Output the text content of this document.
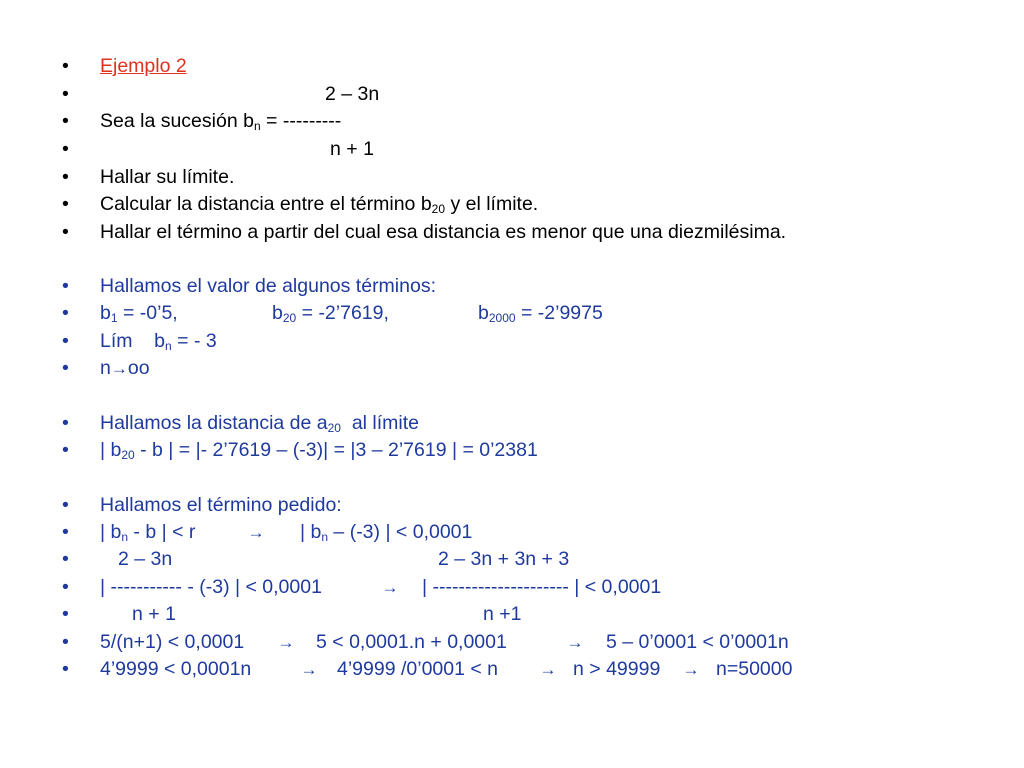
•	Ejemplo 2
•	2 – 3n
•	Sea la sucesión $b_n$ = ---------
•	n + 1
•	Hallar su límite.
•	Calcular la distancia entre el término $b_{20}$ y el límite.
•	Hallar el término a partir del cual esa distancia es menor que una diezmilésima.
•	Hallamos el valor de algunos términos:
•	$b_1$ = -0’5,	$b_{20}$ = -2’7619,	$b_{2000}$ = -2’9975
•	Lím    $b_n$ = - 3
•	n→oo
•	Hallamos la distancia de $a_{20}$  al límite
•	| $b_{20}$ - b | = |- 2’7619 – (-3)| = |3 – 2’7619 | = 0’2381
•	Hallamos el término pedido:
•	| $b_n$ - b | < r	→ | $b_n - (-3)$ | < 0,0001
•	2 – 3n	2 – 3n + 3n + 3
•	| ----------- - (-3) | < 0,0001	→ | --------------------- | < 0,0001
•	n + 1	n +1
•	5/(n+1) < 0,0001 → 5 < 0,0001.n + 0,0001	→ 5 – 0’0001 < 0’0001n
•	4’9999 < 0,0001n	→ 4’9999 /0’0001 < n → n > 49999 → n=50000
